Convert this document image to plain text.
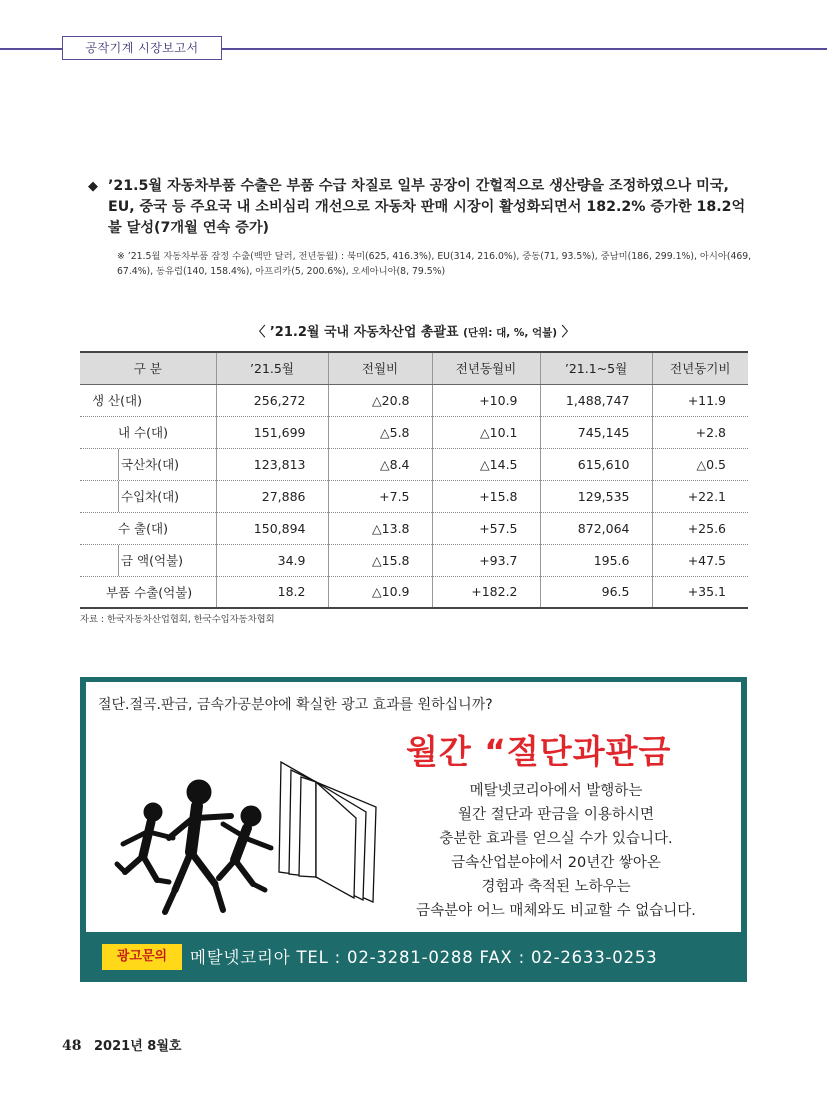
공작기계 시장보고서
◆ ’21.5월 자동차부품 수출은 부품 수급 차질로 일부 공장이 간헐적으로 생산량을 조정하였으나 미국, EU, 중국 등 주요국 내 소비심리 개선으로 자동차 판매 시장이 활성화되면서 182.2% 증가한 18.2억불 달성(7개월 연속 증가)
※ ’21.5월 자동차부품 잠정 수출(백만 달러, 전년동월) : 북미(625, 416.3%), EU(314, 216.0%), 중동(71, 93.5%), 중남미(186, 299.1%), 아시아(469, 67.4%), 동유럽(140, 158.4%), 아프리카(5, 200.6%), 오세아니아(8, 79.5%)
〈 ’21.2월 국내 자동차산업 총괄표 (단위: 대, %, 억불) 〉
구 분	’21.5월	전월비	전년동월비	’21.1~5월	전년동기비
생 산(대)	256,272	△20.8	+10.9	1,488,747	+11.9
내 수(대)	151,699	△5.8	△10.1	745,145	+2.8
국산차(대)	123,813	△8.4	△14.5	615,610	△0.5
수입차(대)	27,886	+7.5	+15.8	129,535	+22.1
수 출(대)	150,894	△13.8	+57.5	872,064	+25.6
금 액(억불)	34.9	△15.8	+93.7	195.6	+47.5
부품 수출(억불)	18.2	△10.9	+182.2	96.5	+35.1
자료 : 한국자동차산업협회, 한국수입자동차협회
절단.절곡.판금, 금속가공분야에 확실한 광고 효과를 원하십니까?
월간 “절단과판금
메탈넷코리아에서 발행하는
월간 절단과 판금을 이용하시면
충분한 효과를 얻으실 수가 있습니다.
금속산업분야에서 20년간 쌓아온
경험과 축적된 노하우는
금속분야 어느 매체와도 비교할 수 없습니다.
광고문의	메탈넷코리아 TEL : 02-3281-0288 FAX : 02-2633-0253
48 2021년 8월호
